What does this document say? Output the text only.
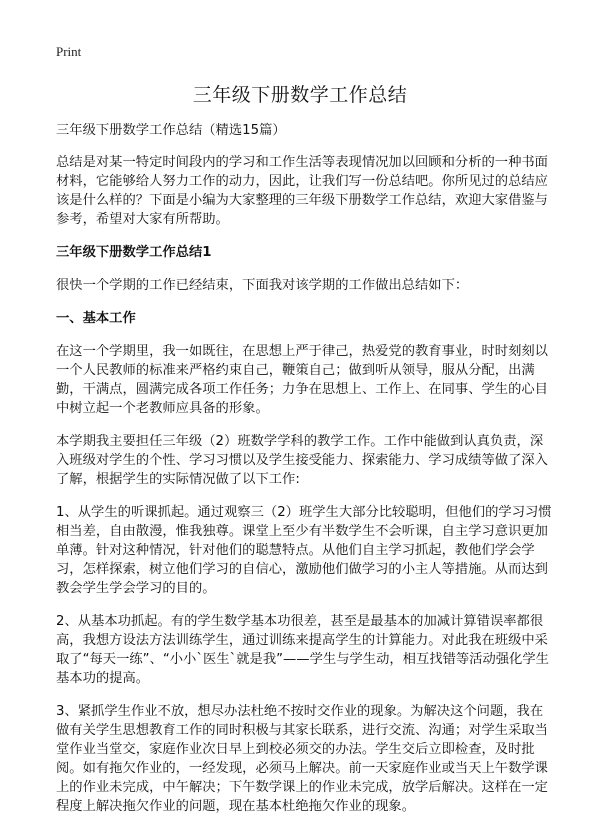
Print
三年级下册数学工作总结

三年级下册数学工作总结（精选15篇）

总结是对某一特定时间段内的学习和工作生活等表现情况加以回顾和分析的一种书面材料，它能够给人努力工作的动力，因此，让我们写一份总结吧。你所见过的总结应该是什么样的？下面是小编为大家整理的三年级下册数学工作总结，欢迎大家借鉴与参考，希望对大家有所帮助。

三年级下册数学工作总结1

很快一个学期的工作已经结束，下面我对该学期的工作做出总结如下：

一、基本工作

在这一个学期里，我一如既往，在思想上严于律己，热爱党的教育事业，时时刻刻以一个人民教师的标准来严格约束自己，鞭策自己；做到听从领导，服从分配，出满勤，干满点，圆满完成各项工作任务；力争在思想上、工作上、在同事、学生的心目中树立起一个老教师应具备的形象。

本学期我主要担任三年级（2）班数学学科的教学工作。工作中能做到认真负责，深入班级对学生的个性、学习习惯以及学生接受能力、探索能力、学习成绩等做了深入了解，根据学生的实际情况做了以下工作:

1、从学生的听课抓起。通过观察三（2）班学生大部分比较聪明，但他们的学习习惯相当差，自由散漫，惟我独尊。课堂上至少有半数学生不会听课，自主学习意识更加单薄。针对这种情况，针对他们的聪慧特点。从他们自主学习抓起，教他们学会学习，怎样探索，树立他们学习的自信心，激励他们做学习的小主人等措施。从而达到教会学生学会学习的目的。

2、从基本功抓起。有的学生数学基本功很差，甚至是最基本的加减计算错误率都很高，我想方设法方法训练学生，通过训练来提高学生的计算能力。对此我在班级中采取了“每天一练”、“小小`医生`就是我”——学生与学生动，相互找错等活动强化学生基本功的提高。

3、紧抓学生作业不放，想尽办法杜绝不按时交作业的现象。为解决这个问题，我在做有关学生思想教育工作的同时积极与其家长联系，进行交流、沟通；对学生采取当堂作业当堂交，家庭作业次日早上到校必须交的办法。学生交后立即检查，及时批阅。如有拖欠作业的，一经发现，必须马上解决。前一天家庭作业或当天上午数学课上的作业未完成，中午解决；下午数学课上的作业未完成，放学后解决。这样在一定程度上解决拖欠作业的问题，现在基本杜绝拖欠作业的现象。
